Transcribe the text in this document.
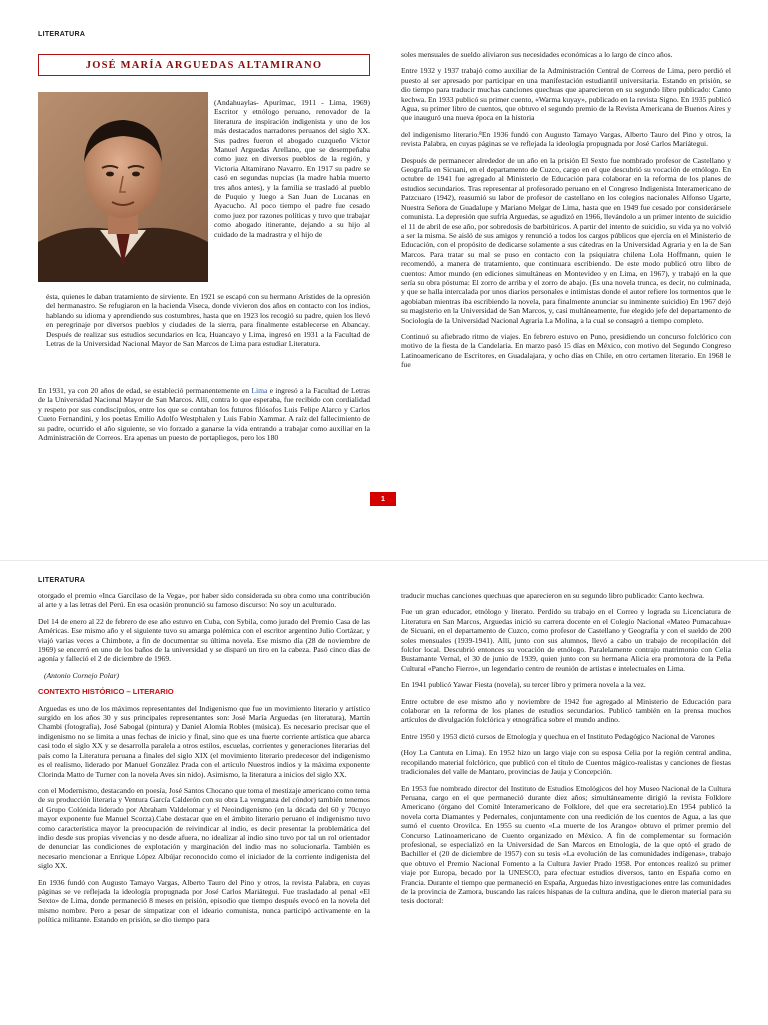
LITERATURA
JOSÉ MARÍA ARGUEDAS ALTAMIRANO
(Andahuaylas- Apurímac, 1911 - Lima, 1969) Escritor y etnólogo peruano, renovador de la literatura de inspiración indigenista y uno de los más destacados narradores peruanos del siglo XX. Sus padres fueron el abogado cuzqueño Víctor Manuel Arguedas Arellano, que se desempeñaba como juez en diversos pueblos de la región, y Victoria Altamirano Navarro. En 1917 su padre se casó en segundas nupcias (la madre había muerto tres años antes), y la familia se trasladó al pueblo de Puquio y luego a San Juan de Lucanas en Ayacucho. Al poco tiempo el padre fue cesado como juez por razones políticas y tuvo que trabajar como abogado itinerante, dejando a su hijo al cuidado de la madrastra y el hijo de
ésta, quienes le daban tratamiento de sirviente. En 1921 se escapó con su hermano Arístides de la opresión del hermanastro. Se refugiaron en la hacienda Viseca, donde vivieron dos años en contacto con los indios, hablando su idioma y aprendiendo sus costumbres, hasta que en 1923 los recogió su padre, quien los llevó en peregrinaje por diversos pueblos y ciudades de la sierra, para finalmente establecerse en Abancay. Después de realizar sus estudios secundarios en Ica, Huancayo y Lima, ingresó en 1931 a la Facultad de Letras de la Universidad Nacional Mayor de San Marcos de Lima para estudiar Literatura.
En 1931, ya con 20 años de edad, se estableció permanentemente en Lima e ingresó a la Facultad de Letras de la Universidad Nacional Mayor de San Marcos. Allí, contra lo que esperaba, fue recibido con cordialidad y respeto por sus condiscípulos, entre los que se contaban los futuros filósofos Luis Felipe Alarco y Carlos Cueto Fernandini, y los poetas Emilio Adolfo Westphalen y Luis Fabio Xammar. A raíz del fallecimiento de su padre, ocurrido el año siguiente, se vio forzado a ganarse la vida entrando a trabajar como auxiliar en la Administración de Correos. Era apenas un puesto de portapliegos, pero los 180

soles mensuales de sueldo aliviaron sus necesidades económicas a lo largo de cinco años.

Entre 1932 y 1937 trabajó como auxiliar de la Administración Central de Correos de Lima, pero perdió el puesto al ser apresado por participar en una manifestación estudiantil universitaria. Estando en prisión, se dio tiempo para traducir muchas canciones quechuas que aparecieron en su segundo libro publicado: Canto kechwa. En 1933 publicó su primer cuento, «Warma kuyay», publicado en la revista Signo. En 1935 publicó Agua, su primer libro de cuentos, que obtuvo el segundo premio de la Revista Americana de Buenos Aires y que inauguró una nueva época en la historia

del indigenismo literario.⁸En 1936 fundó con Augusto Tamayo Vargas, Alberto Tauro del Pino y otros, la revista Palabra, en cuyas páginas se ve reflejada la ideología propugnada por José Carlos Mariátegui.

Después de permanecer alrededor de un año en la prisión El Sexto fue nombrado profesor de Castellano y Geografía en Sicuani, en el departamento de Cuzco, cargo en el que descubrió su vocación de etnólogo. En octubre de 1941 fue agregado al Ministerio de Educación para colaborar en la reforma de los planes de estudios secundarios. Tras representar al profesorado peruano en el Congreso Indigenista Interamericano de Patzcuaro (1942), reasumió su labor de profesor de castellano en los colegios nacionales Alfonso Ugarte, Nuestra Señora de Guadalupe y Mariano Melgar de Lima, hasta que en 1949 fue cesado por considerársele comunista. La depresión que sufría Arguedas, se agudizó en 1966, llevándolo a un primer intento de suicidio el 11 de abril de ese año, por sobredosis de barbitúricos. A partir del intento de suicidio, su vida ya no volvió a ser la misma. Se aisló de sus amigos y renunció a todos los cargos públicos que ejercía en el Ministerio de Educación, con el propósito de dedicarse solamente a sus cátedras en la Universidad Agraria y en la de San Marcos. Para tratar su mal se puso en contacto con la psiquiatra chilena Lola Hoffmann, quien le recomendó, a manera de tratamiento, que continuara escribiendo. De este modo publicó otro libro de cuentos: Amor mundo (en ediciones simultáneas en Montevideo y en Lima, en 1967), y trabajó en la que sería su obra póstuma: El zorro de arriba y el zorro de abajo. (Es una novela trunca, es decir, no culminada, y que se halla intercalada por unos diarios personales e intimistas donde el autor refiere los tormentos que le agobiaban mientras iba escribiendo la novela, para finalmente anunciar su inminente suicidio) En 1967 dejó su magisterio en la Universidad de San Marcos, y, casi multáneamente, fue elegido jefe del departamento de Sociología de la Universidad Nacional Agraria La Molina, a la cual se consagró a tiempo completo.

Continuó su afiebrado ritmo de viajes. En febrero estuvo en Puno, presidiendo un concurso folclórico con motivo de la fiesta de la Candelaria. En marzo pasó 15 días en México, con motivo del Segundo Congreso Latinoamericano de Escritores, en Guadalajara, y ocho días en Chile, en otro certamen literario. En 1968 le fue

1
LITERATURA

otorgado el premio «Inca Garcilaso de la Vega», por haber sido considerada su obra como una contribución al arte y a las letras del Perú. En esa ocasión pronunció su famoso discurso: No soy un aculturado.

Del 14 de enero al 22 de febrero de ese año estuvo en Cuba, con Sybila, como jurado del Premio Casa de las Américas. Ese mismo año y el siguiente tuvo su amarga polémica con el escritor argentino Julio Cortázar, y viajó varias veces a Chimbote, a fin de documentar su última novela. Ese mismo día (28 de noviembre de 1969) se encerró en uno de los baños de la universidad y se disparó un tiro en la cabeza. Pasó cinco días de agonía y falleció el 2 de diciembre de 1969.

(Antonio Cornejo Polar)

CONTEXTO HISTÓRICO – LITERARIO

Arguedas es uno de los máximos representantes del Indigenismo que fue un movimiento literario y artístico surgido en los años 30 y sus principales representantes son: José María Arguedas (en literatura), Martín Chambi (fotografía), José Sabogal (pintura) y Daniel Alomía Robles (música). Es necesario precisar que el indigenismo no se limita a unas fechas de inicio y final, sino que es una fuerte corriente artística que abarca casi todo el siglo XX y se desarrolla paralela a otros estilos, escuelas, corrientes y generaciones literarias del país como la Literatura peruana a finales del siglo XIX (el movimiento literario predecesor del indigenismo es el realismo, liderado por Manuel González Prada con el artículo Nuestros indios y la máxima exponente Clorinda Matto de Turner con la novela Aves sin nido). Asimismo, la literatura a inicios del siglo XX.

con el Modernismo, destacando en poesía, José Santos Chocano que toma el mestizaje americano como tema de su producción literaria y Ventura García Calderón con su obra La venganza del cóndor) también tenemos al Grupo Colónida liderado por Abraham Valdelomar y el Neoindigenismo (en la década del 60 y 70cuyo mayor exponente fue Manuel Scorza).Cabe destacar que en el ámbito literario peruano el indigenismo tuvo como característica mayor la preocupación de reivindicar al indio, es decir presentar la problemática del indio desde sus propias vivencias y no desde afuera, no idealizar al indio sino tuvo por tal un rol orientador de denunciar las condiciones de explotación y marginación del indio mas no solucionarla. También es necesario mencionar a Enrique López Albújar reconocido como el iniciador de la corriente indigenista del siglo XX.

En 1936 fundó con Augusto Tamayo Vargas, Alberto Tauro del Pino y otros, la revista Palabra, en cuyas páginas se ve reflejada la ideología propugnada por José Carlos Mariátegui. Fue trasladado al penal «El Sexto» de Lima, donde permaneció 8 meses en prisión, episodio que tiempo después evocó en la novela del mismo nombre. Pero a pesar de simpatizar con el ideario comunista, nunca participó activamente en la política militante. Estando en prisión, se dio tiempo para

traducir muchas canciones quechuas que aparecieron en su segundo libro publicado: Canto kechwa.

Fue un gran educador, etnólogo y literato. Perdido su trabajo en el Correo y lograda su Licenciatura de Literatura en San Marcos, Arguedas inició su carrera docente en el Colegio Nacional «Mateo Pumacahua» de Sicuani, en el departamento de Cuzco, como profesor de Castellano y Geografía y con el sueldo de 200 soles mensuales (1939-1941). Allí, junto con sus alumnos, llevó a cabo un trabajo de recopilación del folclor local. Descubrió entonces su vocación de etnólogo. Paralelamente contrajo matrimonio con Celia Bustamante Vernal, el 30 de junio de 1939, quien junto con su hermana Alicia era promotora de la Peña Cultural «Pancho Fierro», un legendario centro de reunión de artistas e intelectuales en Lima.

En 1941 publicó Yawar Fiesta (novela), su tercer libro y primera novela a la vez.

Entre octubre de ese mismo año y noviembre de 1942 fue agregado al Ministerio de Educación para colaborar en la reforma de los planes de estudios secundarios. Publicó también en la prensa muchos artículos de divulgación folclórica y etnográfica sobre el mundo andino.

Entre 1950 y 1953 dictó cursos de Etnología y quechua en el Instituto Pedagógico Nacional de Varones

(Hoy La Cantuta en Lima). En 1952 hizo un largo viaje con su esposa Celia por la región central andina, recopilando material folclórico, que publicó con el título de Cuentos mágico-realistas y canciones de fiestas tradicionales del valle de Mantaro, provincias de Jauja y Concepción.

En 1953 fue nombrado director del Instituto de Estudios Etnológicos del hoy Museo Nacional de la Cultura Peruana, cargo en el que permaneció durante diez años; simultáneamente dirigió la revista Folklore Americano (órgano del Comité Interamericano de Folklore, del que era secretario).En 1954 publicó la novela corta Diamantes y Pedernales, conjuntamente con una reedición de los cuentos de Agua, a las que sumó el cuento Orovilca. En 1955 su cuento «La muerte de los Arango» obtuvo el primer premio del Concurso Latinoamericano de Cuento organizado en México. A fin de complementar su formación profesional, se especializó en la Universidad de San Marcos en Etnología, de la que optó el grado de Bachiller el (20 de diciembre de 1957) con su tesis «La evolución de las comunidades indígenas», trabajo que obtuvo el Premio Nacional Fomento a la Cultura Javier Prado 1958. Por entonces realizó su primer viaje por Europa, becado por la UNESCO, para efectuar estudios diversos, tanto en España como en Francia. Durante el tiempo que permaneció en España, Arguedas hizo investigaciones entre las comunidades de la provincia de Zamora, buscando las raíces hispanas de la cultura andina, que le dieron material para su tesis doctoral:
